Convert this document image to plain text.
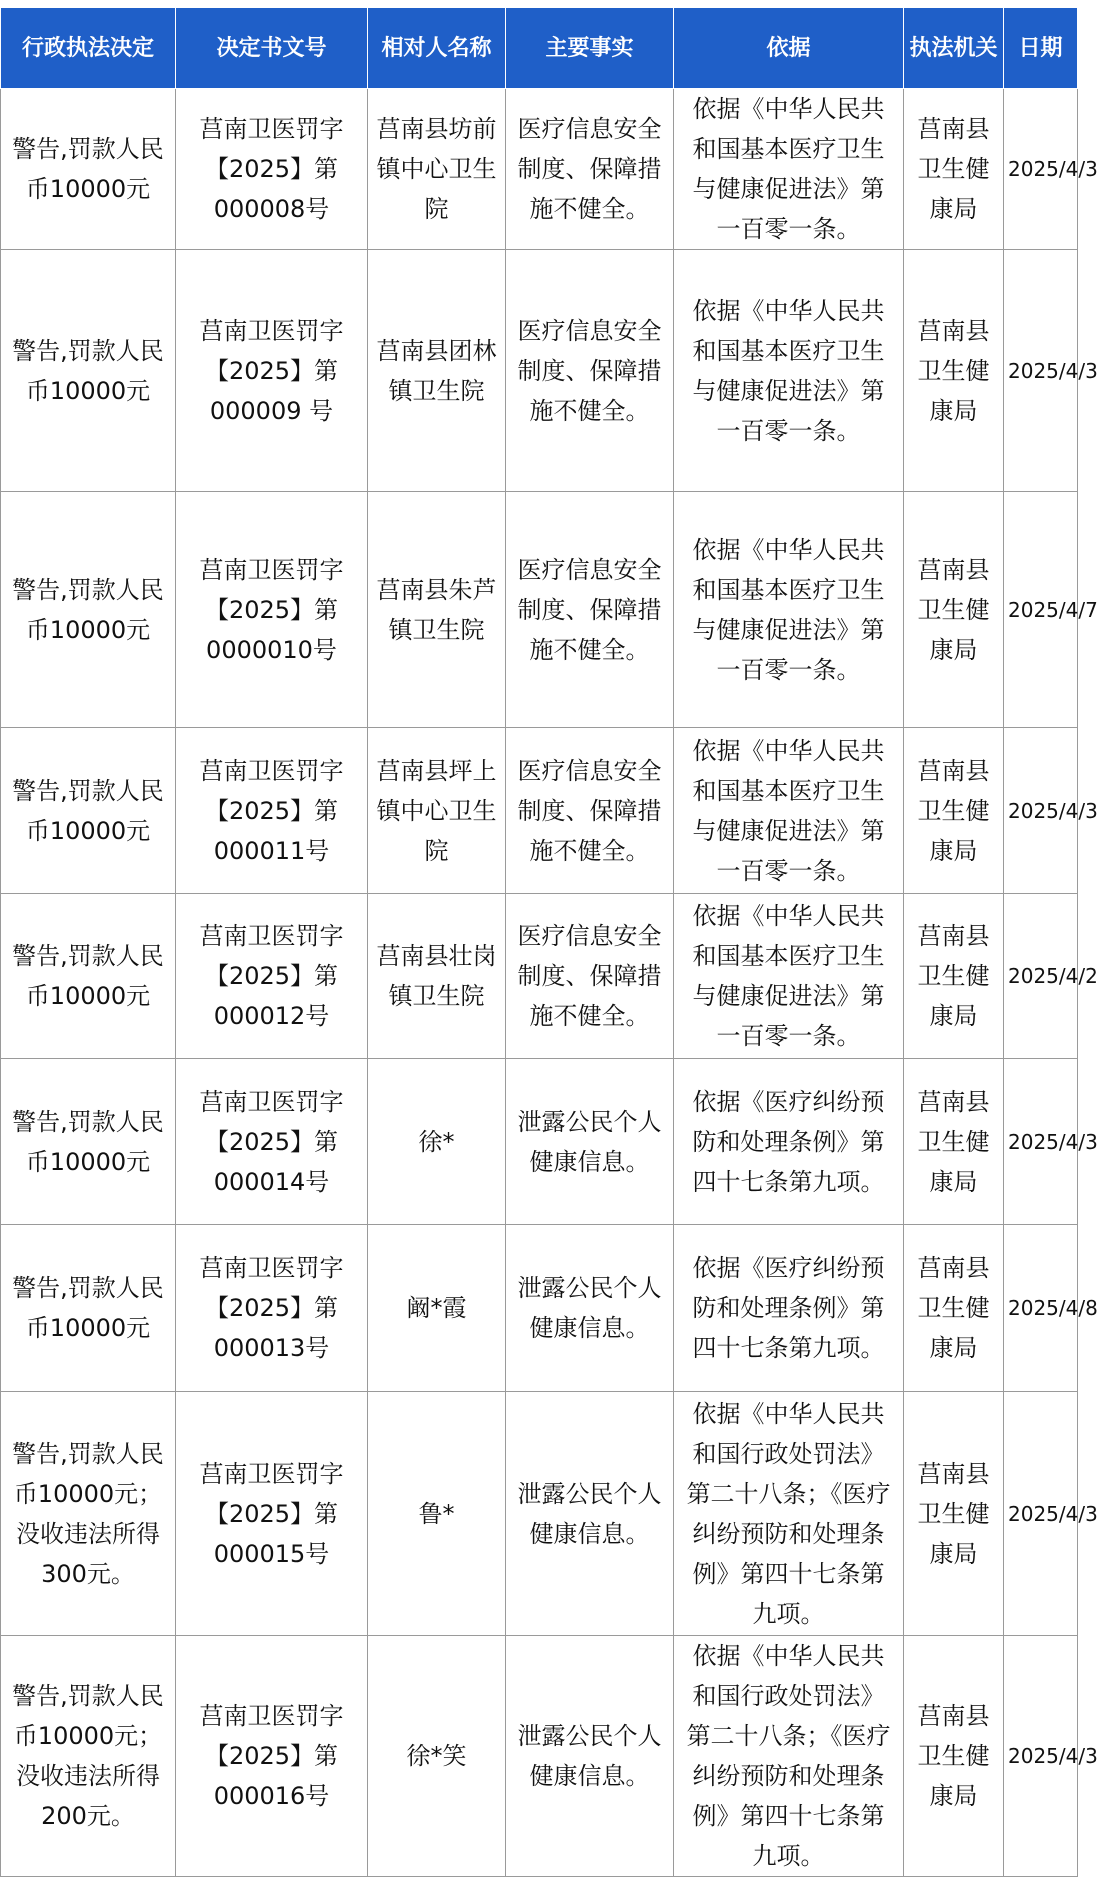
行政执法决定	决定书文号	相对人名称	主要事实	依据	执法机关	日期
警告,罚款人民币10000元	莒南卫医罚字【2025】第000008号	莒南县坊前镇中心卫生院	医疗信息安全制度、保障措施不健全。	依据《中华人民共和国基本医疗卫生与健康促进法》第一百零一条。	莒南县卫生健康局	2025/4/3
警告,罚款人民币10000元	莒南卫医罚字【2025】第000009 号	莒南县团林镇卫生院	医疗信息安全制度、保障措施不健全。	依据《中华人民共和国基本医疗卫生与健康促进法》第一百零一条。	莒南县卫生健康局	2025/4/3
警告,罚款人民币10000元	莒南卫医罚字【2025】第0000010号	莒南县朱芦镇卫生院	医疗信息安全制度、保障措施不健全。	依据《中华人民共和国基本医疗卫生与健康促进法》第一百零一条。	莒南县卫生健康局	2025/4/7
警告,罚款人民币10000元	莒南卫医罚字【2025】第000011号	莒南县坪上镇中心卫生院	医疗信息安全制度、保障措施不健全。	依据《中华人民共和国基本医疗卫生与健康促进法》第一百零一条。	莒南县卫生健康局	2025/4/3
警告,罚款人民币10000元	莒南卫医罚字【2025】第000012号	莒南县壮岗镇卫生院	医疗信息安全制度、保障措施不健全。	依据《中华人民共和国基本医疗卫生与健康促进法》第一百零一条。	莒南县卫生健康局	2025/4/2
警告,罚款人民币10000元	莒南卫医罚字【2025】第000014号	徐*	泄露公民个人健康信息。	依据《医疗纠纷预防和处理条例》第四十七条第九项。	莒南县卫生健康局	2025/4/3
警告,罚款人民币10000元	莒南卫医罚字【2025】第000013号	阚*霞	泄露公民个人健康信息。	依据《医疗纠纷预防和处理条例》第四十七条第九项。	莒南县卫生健康局	2025/4/8
警告,罚款人民币10000元；没收违法所得300元。	莒南卫医罚字【2025】第000015号	鲁*	泄露公民个人健康信息。	依据《中华人民共和国行政处罚法》第二十八条；《医疗纠纷预防和处理条例》第四十七条第九项。	莒南县卫生健康局	2025/4/3
警告,罚款人民币10000元；没收违法所得200元。	莒南卫医罚字【2025】第000016号	徐*笑	泄露公民个人健康信息。	依据《中华人民共和国行政处罚法》第二十八条；《医疗纠纷预防和处理条例》第四十七条第九项。	莒南县卫生健康局	2025/4/3
